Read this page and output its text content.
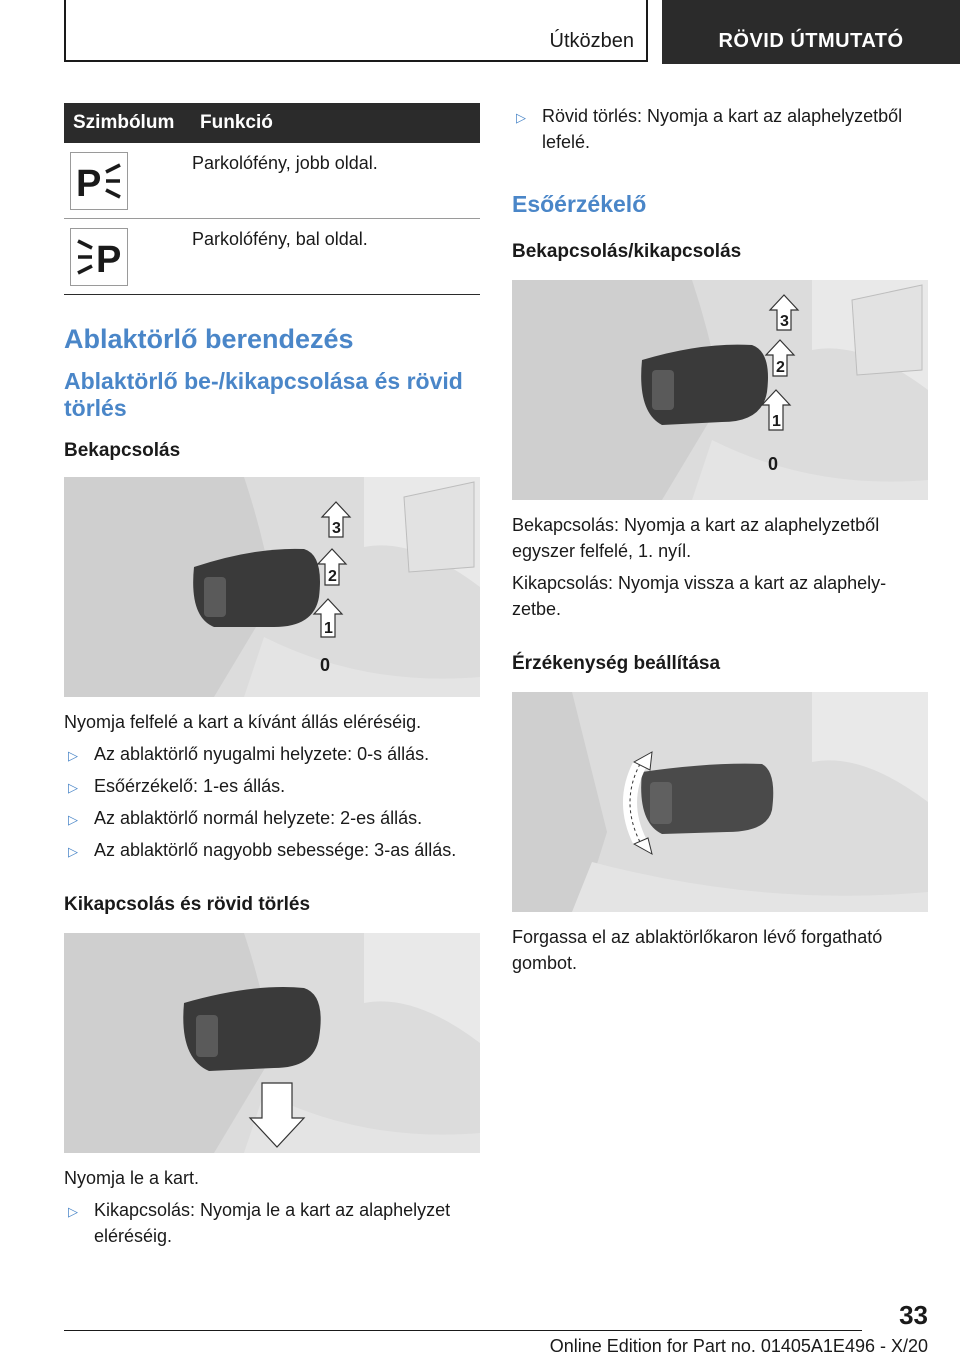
Útközben	RÖVID ÚTMUTATÓ
Szimbólum	Funkció

P	Parkolófény, jobb oldal.

P	Parkolófény, bal oldal.
Ablaktörlő berendezés
Ablaktörlő be-/kikapcsolása és rövid törlés
Bekapcsolás
3
2
1
0

Nyomja felfelé a kart a kívánt állás eléréséig.

▷ Az ablaktörlő nyugalmi helyzete: 0-s állás.
▷ Esőérzékelő: 1-es állás.
▷ Az ablaktörlő normál helyzete: 2-es állás.
▷ Az ablaktörlő nagyobb sebessége: 3-as állás.
Kikapcsolás és rövid törlés

Nyomja le a kart.

▷ Kikapcsolás: Nyomja le a kart az alaphelyzet eléréséig.
▷ Rövid törlés: Nyomja a kart az alaphelyzetből lefelé.
Esőérzékelő
Bekapcsolás/kikapcsolás
3
2
1
0

Bekapcsolás: Nyomja a kart az alaphelyzetből egyszer felfelé, 1. nyíl.

Kikapcsolás: Nyomja vissza a kart az alaphely-zetbe.

Érzékenység beállítása

Forgassa el az ablaktörlőkaron lévő forgatható gombot.

33
Online Edition for Part no. 01405A1E496 - X/20
